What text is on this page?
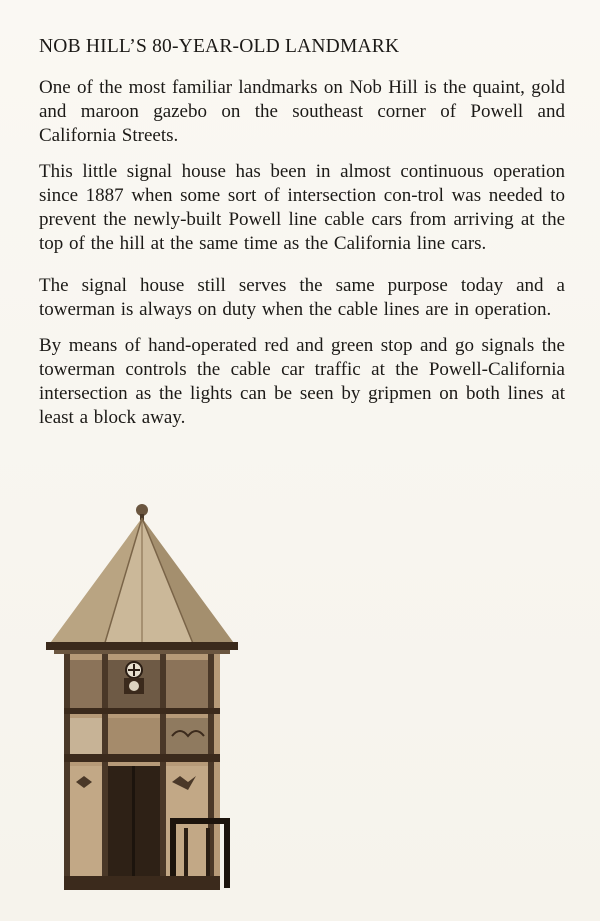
NOB HILL’S 80-YEAR-OLD LANDMARK

One of the most familiar landmarks on Nob Hill is the quaint, gold and maroon gazebo on the southeast corner of Powell and California Streets.

This little signal house has been in almost continuous operation since 1887 when some sort of intersection con-trol was needed to prevent the newly-built Powell line cable cars from arriving at the top of the hill at the same time as the California line cars.

The signal house still serves the same purpose today and a towerman is always on duty when the cable lines are in operation.

By means of hand-operated red and green stop and go signals the towerman controls the cable car traffic at the Powell-California intersection as the lights can be seen by gripmen on both lines at least a block away.
